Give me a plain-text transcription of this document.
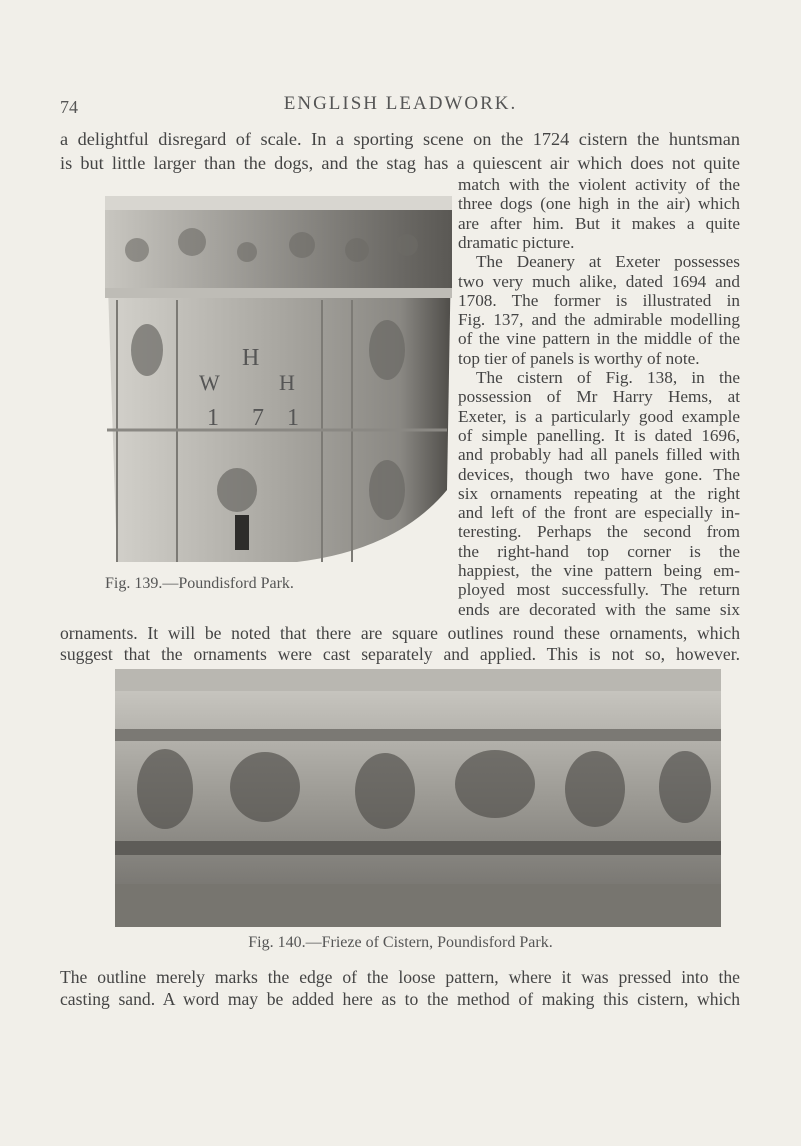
74	ENGLISH LEADWORK.
a delightful disregard of scale. In a sporting scene on the 1724 cistern the huntsman
is but little larger than the dogs, and the stag has a quiescent air which does not quite
H
W	H
1 7 1
Fig. 139.—Poundisford Park.
match with the violent activity of the
three dogs (one high in the air) which
are after him. But it makes a quite
dramatic picture.
The Deanery at Exeter possesses
two very much alike, dated 1694 and
1708. The former is illustrated in
Fig. 137, and the admirable modelling
of the vine pattern in the middle of the
top tier of panels is worthy of note.
The cistern of Fig. 138, in the
possession of Mr Harry Hems, at
Exeter, is a particularly good example
of simple panelling. It is dated 1696,
and probably had all panels filled with
devices, though two have gone. The
six ornaments repeating at the right
and left of the front are especially in-
teresting. Perhaps the second from
the right-hand top corner is the
happiest, the vine pattern being em-
ployed most successfully. The return
ends are decorated with the same six
ornaments. It will be noted that there are square outlines round these ornaments, which
suggest that the ornaments were cast separately and applied. This is not so, however.
The outline merely marks the edge of the loose pattern, where it was pressed into the
casting sand. A word may be added here as to the method of making this cistern, which
Fig. 140.—Frieze of Cistern, Poundisford Park.
